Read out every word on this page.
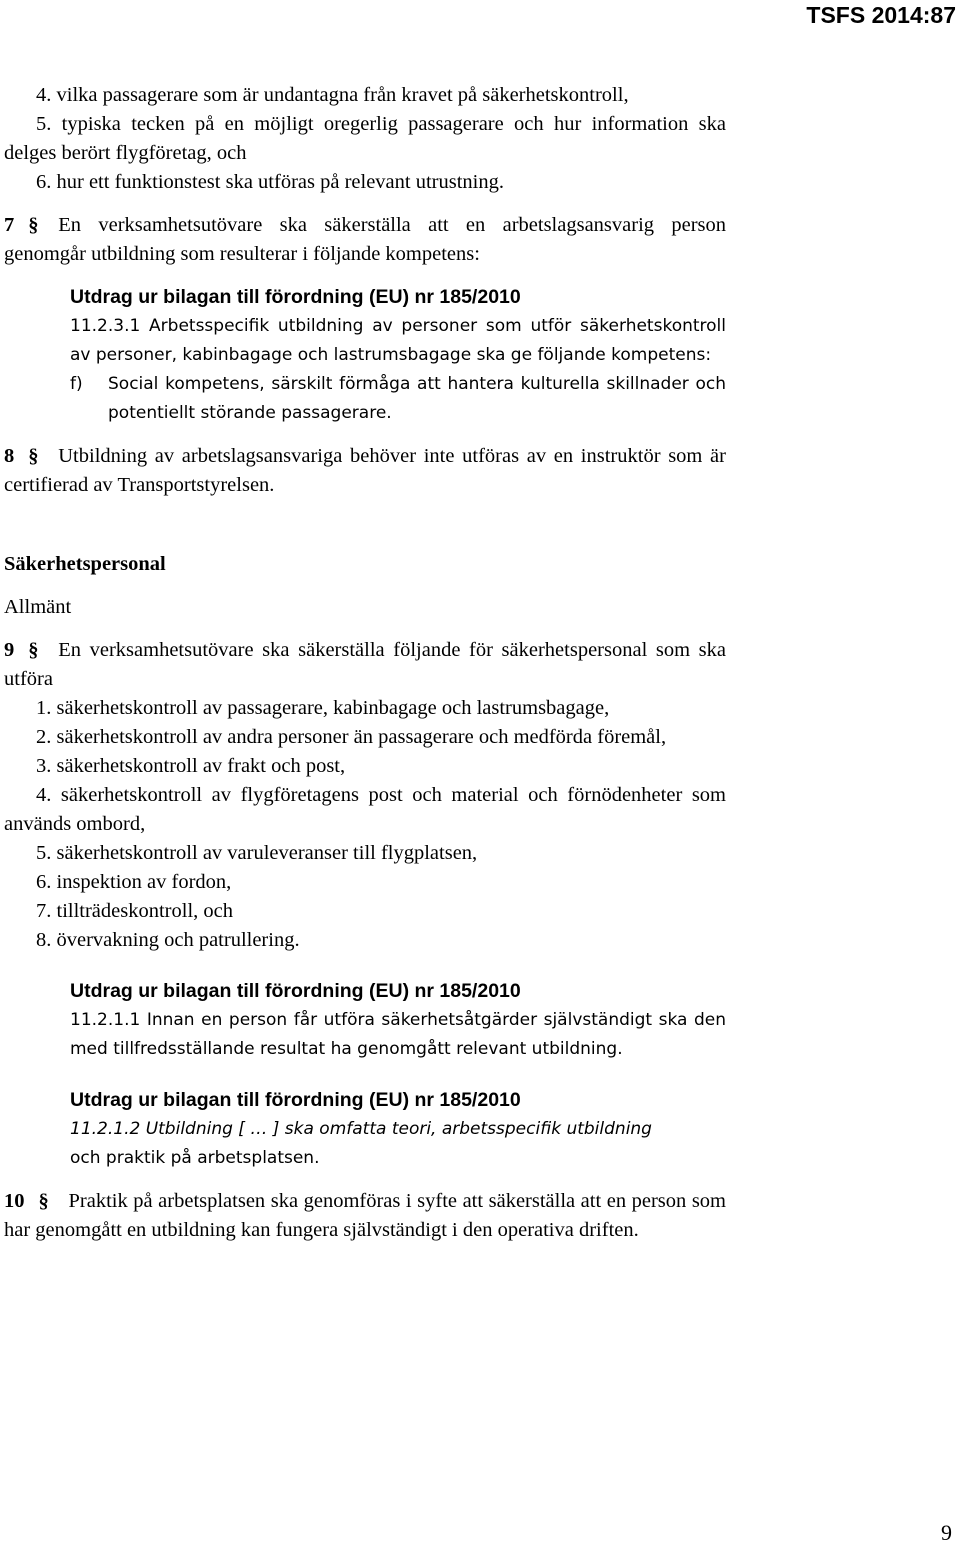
TSFS 2014:87

4. vilka passagerare som är undantagna från kravet på säkerhetskontroll,

5. typiska tecken på en möjligt oregerlig passagerare och hur information ska delges berört flygföretag, och

6. hur ett funktionstest ska utföras på relevant utrustning.

7 § En verksamhetsutövare ska säkerställa att en arbetslagsansvarig person genomgår utbildning som resulterar i följande kompetens:

Utdrag ur bilagan till förordning (EU) nr 185/2010
11.2.3.1 Arbetsspecifik utbildning av personer som utför säkerhetskontroll av personer, kabinbagage och lastrumsbagage ska ge följande kompetens:
f)	Social kompetens, särskilt förmåga att hantera kulturella skillnader och potentiellt störande passagerare.

8 § Utbildning av arbetslagsansvariga behöver inte utföras av en instruktör som är certifierad av Transportstyrelsen.

Säkerhetspersonal

Allmänt

9 § En verksamhetsutövare ska säkerställa följande för säkerhetspersonal som ska utföra

1. säkerhetskontroll av passagerare, kabinbagage och lastrumsbagage,

2. säkerhetskontroll av andra personer än passagerare och medförda föremål,

3. säkerhetskontroll av frakt och post,

4. säkerhetskontroll av flygföretagens post och material och förnödenheter som används ombord,

5. säkerhetskontroll av varuleveranser till flygplatsen,

6. inspektion av fordon,

7. tillträdeskontroll, och

8. övervakning och patrullering.

Utdrag ur bilagan till förordning (EU) nr 185/2010
11.2.1.1 Innan en person får utföra säkerhetsåtgärder självständigt ska den med tillfredsställande resultat ha genomgått relevant utbildning.
Utdrag ur bilagan till förordning (EU) nr 185/2010
11.2.1.2 Utbildning [ … ] ska omfatta teori, arbetsspecifik utbildning
och praktik på arbetsplatsen.

10 § Praktik på arbetsplatsen ska genomföras i syfte att säkerställa att en person som har genomgått en utbildning kan fungera självständigt i den operativa driften.

9
